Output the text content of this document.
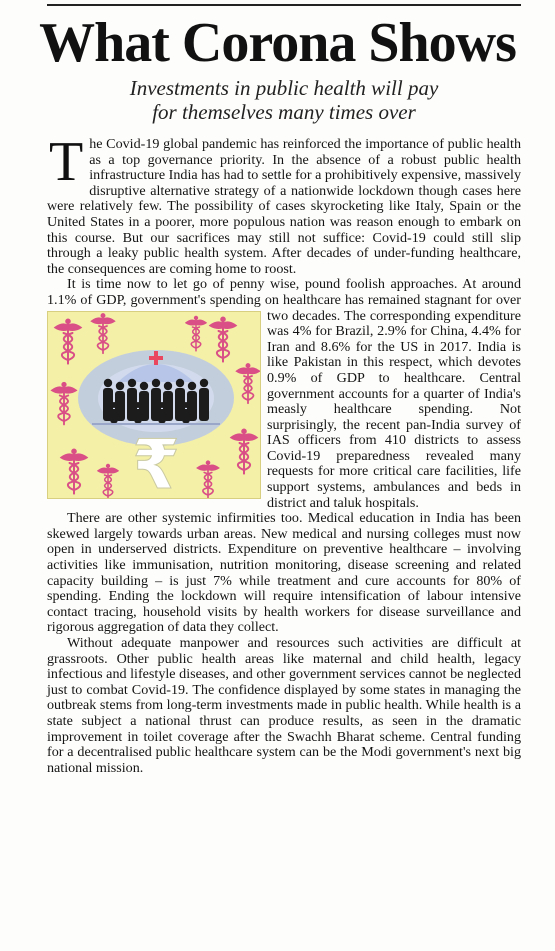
What Corona Shows
Investments in public health will pay
for themselves many times over

The Covid-19 global pandemic has reinforced the importance of public health as a top governance priority. In the absence of a robust public health infrastructure India has had to settle for a prohibitively expensive, massively disruptive alternative strategy of a nationwide lockdown though cases here were relatively few. The possibility of cases skyrocketing like Italy, Spain or the United States in a poorer, more populous nation was reason enough to embark on this course. But our sacrifices may still not suffice: Covid-19 could still slip through a leaky public health system. After decades of under-funding healthcare, the consequences are coming home to roost.

It is time now to let go of penny wise, pound foolish approaches. At around 1.1% of GDP, government's spending on healthcare has remained stagnant for over two decades. The corresponding
₹
expenditure was 4% for Brazil, 2.9% for China, 4.4% for Iran and 8.6% for the US in 2017. India is like Pakistan in this respect, which devotes 0.9% of GDP to healthcare. Central government accounts for a quarter of India's measly healthcare spending. Not surprisingly, the recent pan-India survey of IAS officers from 410 districts to assess Covid-19 preparedness revealed many requests for more critical care facilities, life support systems, ambulances and beds in district and taluk hospitals.

There are other systemic infirmities too. Medical education in India has been skewed largely towards urban areas. New medical and nursing colleges must now open in underserved districts. Expenditure on preventive healthcare – involving activities like immunisation, nutrition monitoring, disease screening and related capacity building – is just 7% while treatment and cure accounts for 80% of spending. Ending the lockdown will require intensification of labour intensive contact tracing, household visits by health workers for disease surveillance and rigorous aggregation of data they collect.

Without adequate manpower and resources such activities are difficult at grassroots. Other public health areas like maternal and child health, legacy infectious and lifestyle diseases, and other government services cannot be neglected just to combat Covid-19. The confidence displayed by some states in managing the outbreak stems from long-term investments made in public health. While health is a state subject a national thrust can produce results, as seen in the dramatic improvement in toilet coverage after the Swachh Bharat scheme. Central funding for a decentralised public healthcare system can be the Modi government's next big national mission.
